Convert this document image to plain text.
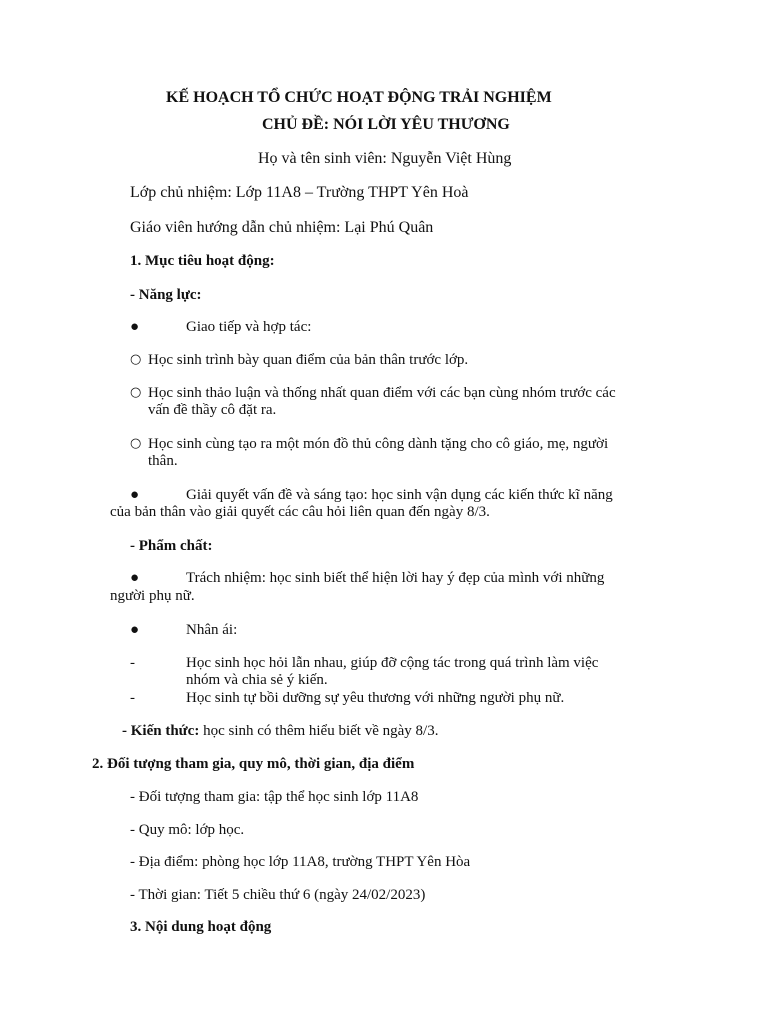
KẾ HOẠCH TỔ CHỨC HOẠT ĐỘNG TRẢI NGHIỆM
CHỦ ĐỀ: NÓI LỜI YÊU THƯƠNG
Họ và tên sinh viên: Nguyễn Việt Hùng
Lớp chủ nhiệm: Lớp 11A8 – Trường THPT Yên Hoà
Giáo viên hướng dẫn chủ nhiệm: Lại Phú Quân
1. Mục tiêu hoạt động:
- Năng lực:
●	Giao tiếp và hợp tác:
○ Học sinh trình bày quan điểm của bản thân trước lớp.
○ Học sinh thảo luận và thống nhất quan điểm với các bạn cùng nhóm trước các
vấn đề thầy cô đặt ra.
○ Học sinh cùng tạo ra một món đồ thủ công dành tặng cho cô giáo, mẹ, người
thân.
●	Giải quyết vấn đề và sáng tạo: học sinh vận dụng các kiến thức kĩ năng
của bản thân vào giải quyết các câu hỏi liên quan đến ngày 8/3.
- Phẩm chất:
●	Trách nhiệm: học sinh biết thể hiện lời hay ý đẹp của mình với những
người phụ nữ.
●	Nhân ái:
-	Học sinh học hỏi lẫn nhau, giúp đỡ cộng tác trong quá trình làm việc
nhóm và chia sẻ ý kiến.
-	Học sinh tự bồi dưỡng sự yêu thương với những người phụ nữ.
- Kiến thức: học sinh có thêm hiểu biết về ngày 8/3.
2. Đối tượng tham gia, quy mô, thời gian, địa điểm
- Đối tượng tham gia: tập thể học sinh lớp 11A8
- Quy mô: lớp học.
- Địa điểm: phòng học lớp 11A8, trường THPT Yên Hòa
- Thời gian: Tiết 5 chiều thứ 6 (ngày 24/02/2023)
3. Nội dung hoạt động
